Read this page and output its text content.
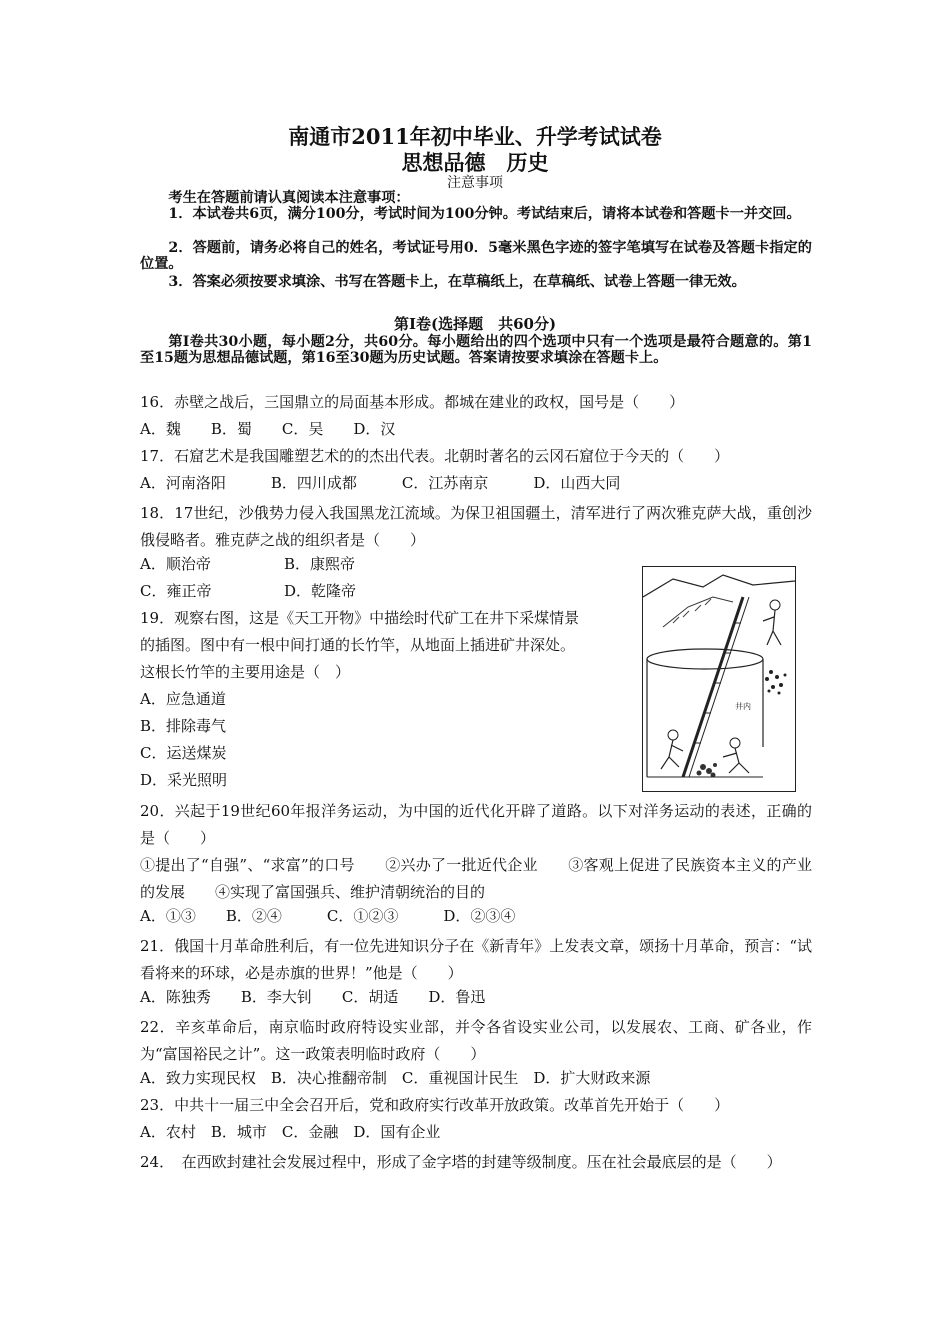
南通市2011年初中毕业、升学考试试卷
思想品德　历史
注意事项
考生在答题前请认真阅读本注意事项：
1．本试卷共6页，满分100分，考试时间为100分钟。考试结束后，请将本试卷和答题卡一并交回。
2．答题前，请务必将自己的姓名，考试证号用0．5毫米黑色字迹的签字笔填写在试卷及答题卡指定的位置。
3．答案必须按要求填涂、书写在答题卡上，在草稿纸上，在草稿纸、试卷上答题一律无效。
第Ⅰ卷(选择题　共60分)
第Ⅰ卷共30小题，每小题2分，共60分。每小题给出的四个选项中只有一个选项是最符合题意的。第1至15题为思想品德试题，第16至30题为历史试题。答案请按要求填涂在答题卡上。
16．赤壁之战后，三国鼎立的局面基本形成。都城在建业的政权，国号是（　　）
A．魏　　B．蜀　　C．吴　　D．汉
17．石窟艺术是我国雕塑艺术的的杰出代表。北朝时著名的云冈石窟位于今天的（　　）
A．河南洛阳　　　B．四川成都　　　C．江苏南京　　　D．山西大同
18．17世纪，沙俄势力侵入我国黑龙江流域。为保卫祖国疆土，清军进行了两次雅克萨大战，重创沙俄侵略者。雅克萨之战的组织者是（　　）
A．顺治帝	B．康熙帝
C．雍正帝	D．乾隆帝
19．观察右图，这是《天工开物》中描绘时代矿工在井下采煤情景
的插图。图中有一根中间打通的长竹竿，从地面上插进矿井深处。
这根长竹竿的主要用途是（　）
A．应急通道
B．排除毒气
C．运送煤炭
D．采光照明
井内
20．兴起于19世纪60年报洋务运动，为中国的近代化开辟了道路。以下对洋务运动的表述，正确的是（　　）
①提出了“自强”、“求富”的口号　　②兴办了一批近代企业　　③客观上促进了民族资本主义的产业的发展　　④实现了富国强兵、维护清朝统治的目的
A．①③　　B．②④　　　C．①②③　　　D．②③④
21．俄国十月革命胜利后，有一位先进知识分子在《新青年》上发表文章，颂扬十月革命，预言：“试看将来的环球，必是赤旗的世界！”他是（　　）
A．陈独秀　　B．李大钊　　C．胡适　　D．鲁迅
22．辛亥革命后，南京临时政府特设实业部，并令各省设实业公司，以发展农、工商、矿各业，作为“富国裕民之计”。这一政策表明临时政府（　　）
A．致力实现民权　B．决心推翻帝制　C．重视国计民生　D．扩大财政来源
23．中共十一届三中全会召开后，党和政府实行改革开放政策。改革首先开始于（　　）
A．农村　B．城市　C．金融　D．国有企业
24．　在西欧封建社会发展过程中，形成了金字塔的封建等级制度。压在社会最底层的是（　　）
